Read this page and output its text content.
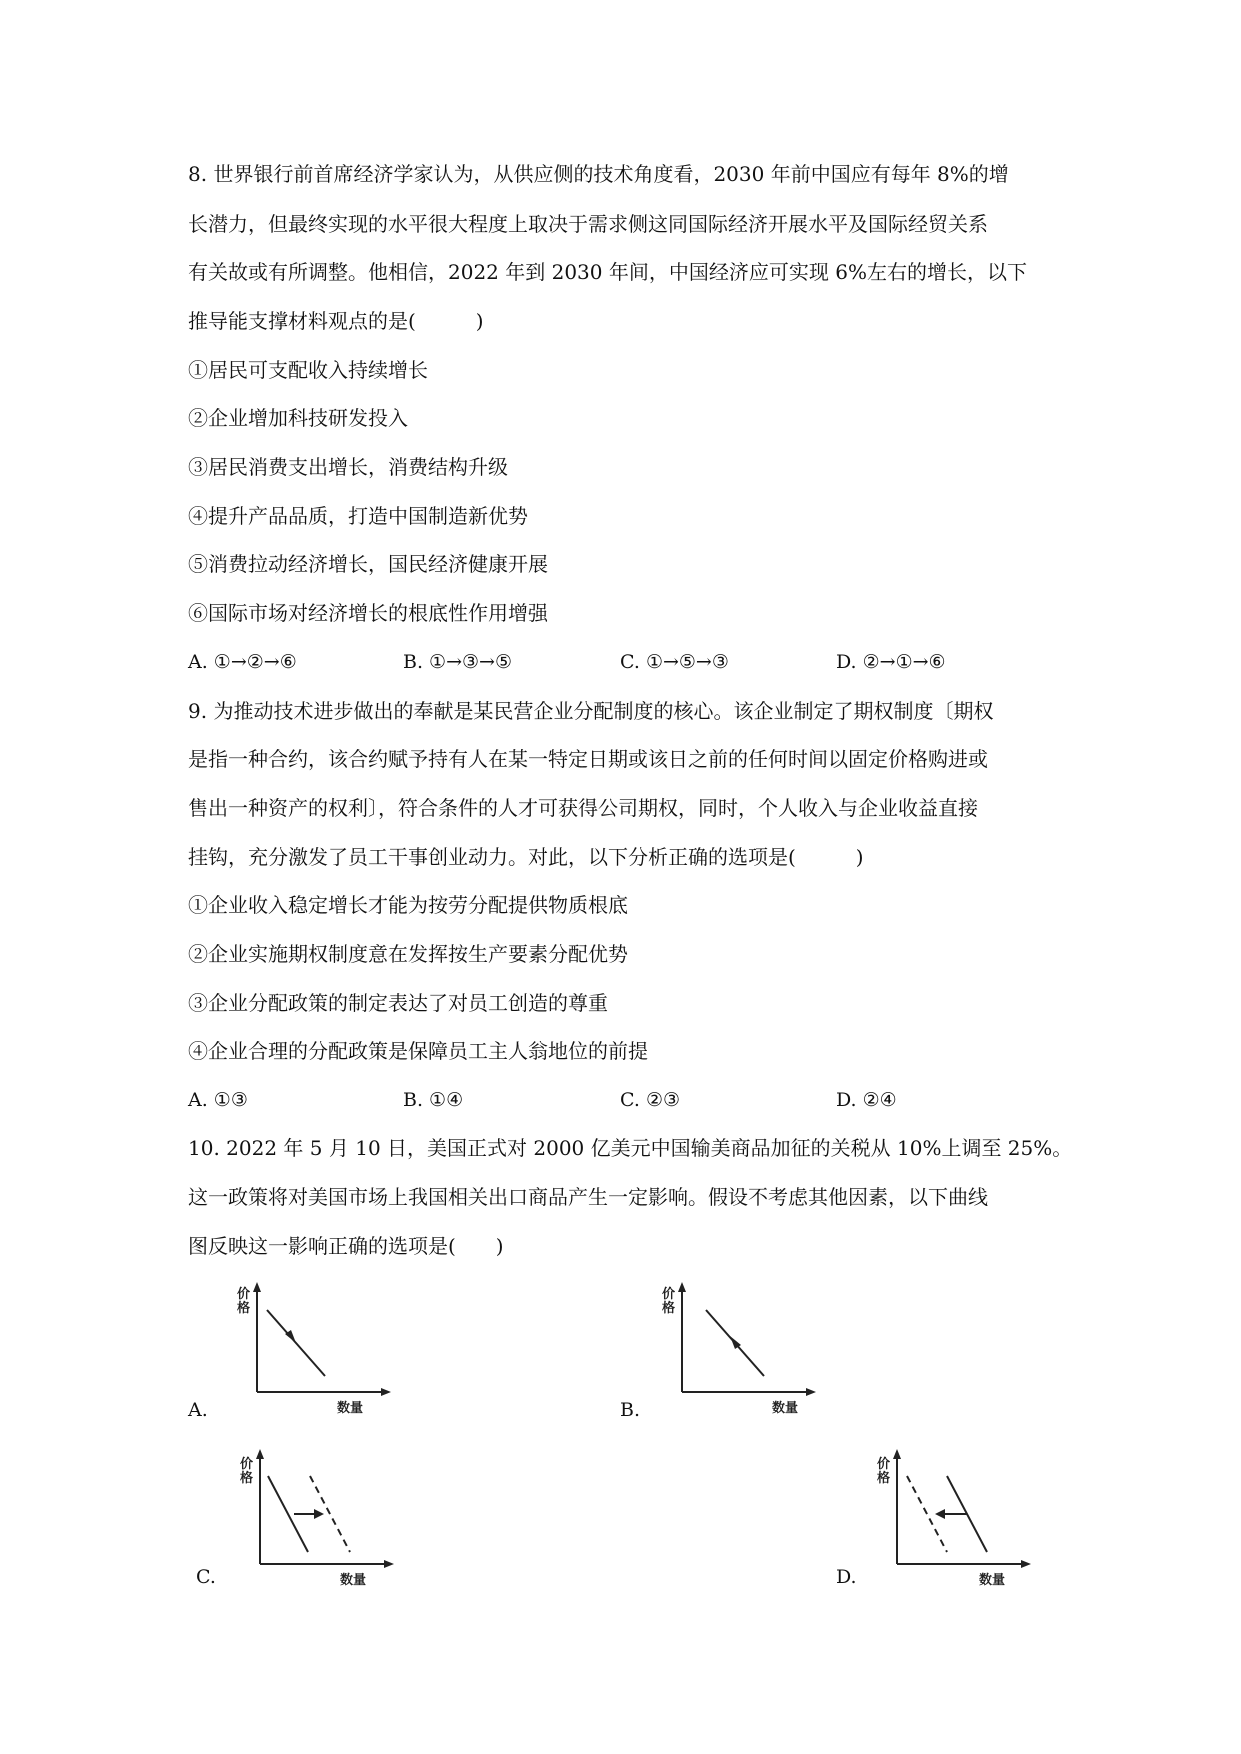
8. 世界银行前首席经济学家认为，从供应侧的技术角度看，2030 年前中国应有每年 8%的增
长潜力，但最终实现的水平很大程度上取决于需求侧这同国际经济开展水平及国际经贸关系
有关故或有所调整。他相信，2022 年到 2030 年间，中国经济应可实现 6%左右的增长，以下
推导能支撑材料观点的是(　　　)
①居民可支配收入持续增长
②企业增加科技研发投入
③居民消费支出增长，消费结构升级
④提升产品品质，打造中国制造新优势
⑤消费拉动经济增长，国民经济健康开展
⑥国际市场对经济增长的根底性作用增强
A. ①→②→⑥	B. ①→③→⑤	C. ①→⑤→③	D. ②→①→⑥
9. 为推动技术进步做出的奉献是某民营企业分配制度的核心。该企业制定了期权制度〔期权
是指一种合约，该合约赋予持有人在某一特定日期或该日之前的任何时间以固定价格购进或
售出一种资产的权利〕，符合条件的人才可获得公司期权，同时，个人收入与企业收益直接
挂钩，充分激发了员工干事创业动力。对此，以下分析正确的选项是(　　　)
①企业收入稳定增长才能为按劳分配提供物质根底
②企业实施期权制度意在发挥按生产要素分配优势
③企业分配政策的制定表达了对员工创造的尊重
④企业合理的分配政策是保障员工主人翁地位的前提
A. ①③	B. ①④	C. ②③	D. ②④
10. 2022 年 5 月 10 日，美国正式对 2000 亿美元中国输美商品加征的关税从 10%上调至 25%。
这一政策将对美国市场上我国相关出口商品产生一定影响。假设不考虑其他因素，以下曲线
图反映这一影响正确的选项是(　　)
A.
价格
数量	B.
价格
数量
C.
价格
数量	D.
价格
数量
